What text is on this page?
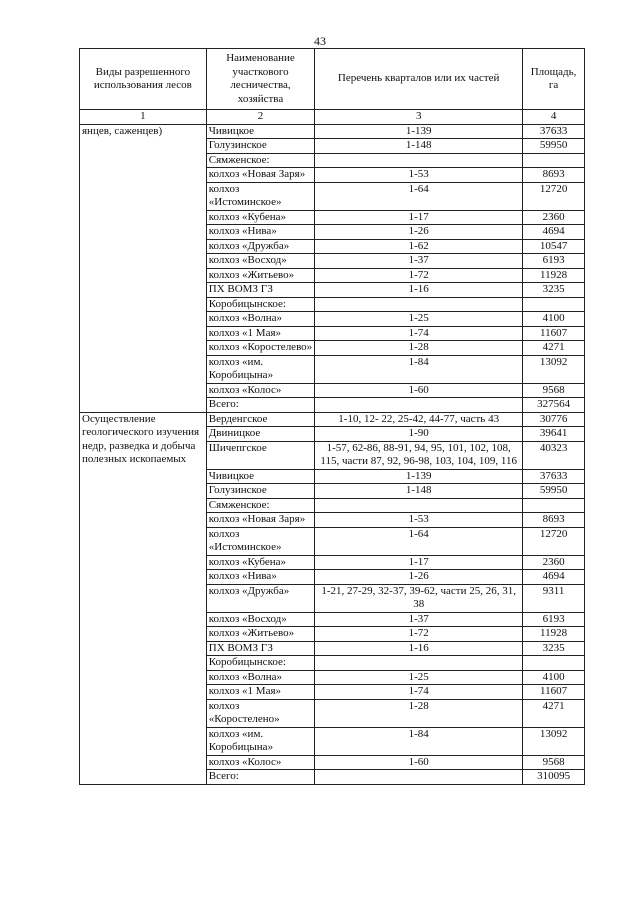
43
Виды разрешенного использования лесов	Наименование участкового лесничества, хозяйства	Перечень кварталов или их частей	Площадь, га
1	2	3	4
янцев, саженцев)	Чивицкое	1-139	37633
	Голузинское	1-148	59950
	Сямженское:		
	колхоз «Новая Заря»	1-53	8693
	колхоз «Истоминское»	1-64	12720
	колхоз «Кубена»	1-17	2360
	колхоз «Нива»	1-26	4694
	колхоз «Дружба»	1-62	10547
	колхоз «Восход»	1-37	6193
	колхоз «Житьево»	1-72	11928
	ПХ ВОМЗ ГЗ	1-16	3235
	Коробицынское:		
	колхоз «Волна»	1-25	4100
	колхоз «1 Мая»	1-74	11607
	колхоз «Коростелево»	1-28	4271
	колхоз «им. Коробицына»	1-84	13092
	колхоз «Колос»	1-60	9568
	Всего:		327564
Осуществление геологического изучения недр, разведка и добыча полезных ископаемых	Верденгское	1-10, 12- 22, 25-42, 44-77, часть 43	30776
	Двиницкое	1-90	39641
	Шичепгское	1-57, 62-86, 88-91, 94, 95, 101, 102, 108, 115, части 87, 92, 96-98, 103, 104, 109, 116	40323
	Чивицкое	1-139	37633
	Голузинское	1-148	59950
	Сямженское:		
	колхоз «Новая Заря»	1-53	8693
	колхоз «Истоминское»	1-64	12720
	колхоз «Кубена»	1-17	2360
	колхоз «Нива»	1-26	4694
	колхоз «Дружба»	1-21, 27-29, 32-37, 39-62, части 25, 26, 31, 38	9311
	колхоз «Восход»	1-37	6193
	колхоз «Житьево»	1-72	11928
	ПХ ВОМЗ ГЗ	1-16	3235
	Коробицынское:		
	колхоз «Волна»	1-25	4100
	колхоз «1 Мая»	1-74	11607
	колхоз «Коростелено»	1-28	4271
	колхоз «им. Коробицына»	1-84	13092
	колхоз «Колос»	1-60	9568
	Всего:		310095
